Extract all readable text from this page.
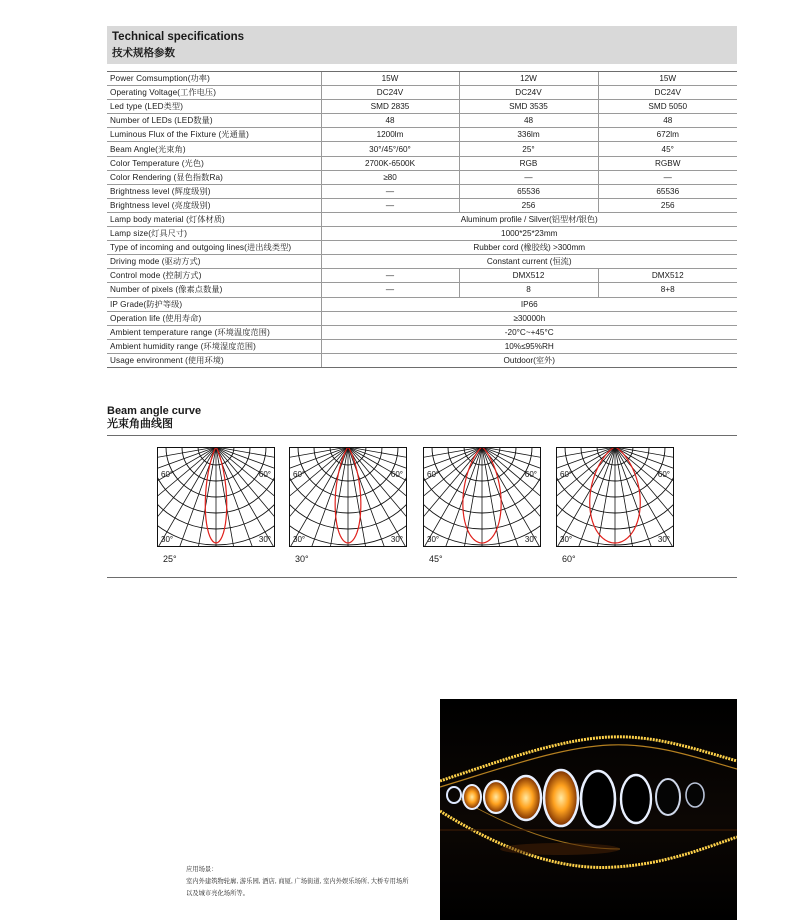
Technical specifications
技术规格参数
Power Comsumption(功率)	15W	12W	15W
Operating Voltage(工作电压)	DC24V	DC24V	DC24V
Led type (LED类型)	SMD 2835	SMD 3535	SMD 5050
Number of LEDs (LED数量)	48	48	48
Luminous Flux of the Fixture (光通量)	1200lm	336lm	672lm
Beam Angle(光束角)	30°/45°/60°	25°	45°
Color Temperature (光色)	2700K-6500K	RGB	RGBW
Color Rendering (显色指数Ra)	≥80	—	—
Brightness level (辉度级别)	—	65536	65536
Brightness level (亮度级别)	—	256	256
Lamp body material (灯体材质)	Aluminum profile / Silver(铝型材/银色)		
Lamp size(灯具尺寸)	1000*25*23mm		
Type of incoming and outgoing lines(进出线类型)	Rubber cord (橡胶线) >300mm		
Driving mode (驱动方式)	Constant current (恒流)		
Control mode (控制方式)	—	DMX512	DMX512
Number of pixels (像素点数量)	—	8	8+8
IP Grade(防护等级)	IP66		
Operation life (使用寿命)	≥30000h		
Ambient temperature range (环境温度范围)	-20°C~+45°C		
Ambient humidity range (环境湿度范围)	10%≤95%RH		
Usage environment (使用环境)	Outdoor(室外)		
Beam angle curve
光束角曲线图
60°	60°
30°	30°
25°
60°	60°
30°	30°
30°
60°	60°
30°	30°
45°
60°	60°
30°	30°
60°
应用场景：
室内外建筑物轮廓, 游乐园, 酒店, 商厦, 广场街道, 室内外娱乐场所, 大桥专用场所
以及城市亮化场所等。
